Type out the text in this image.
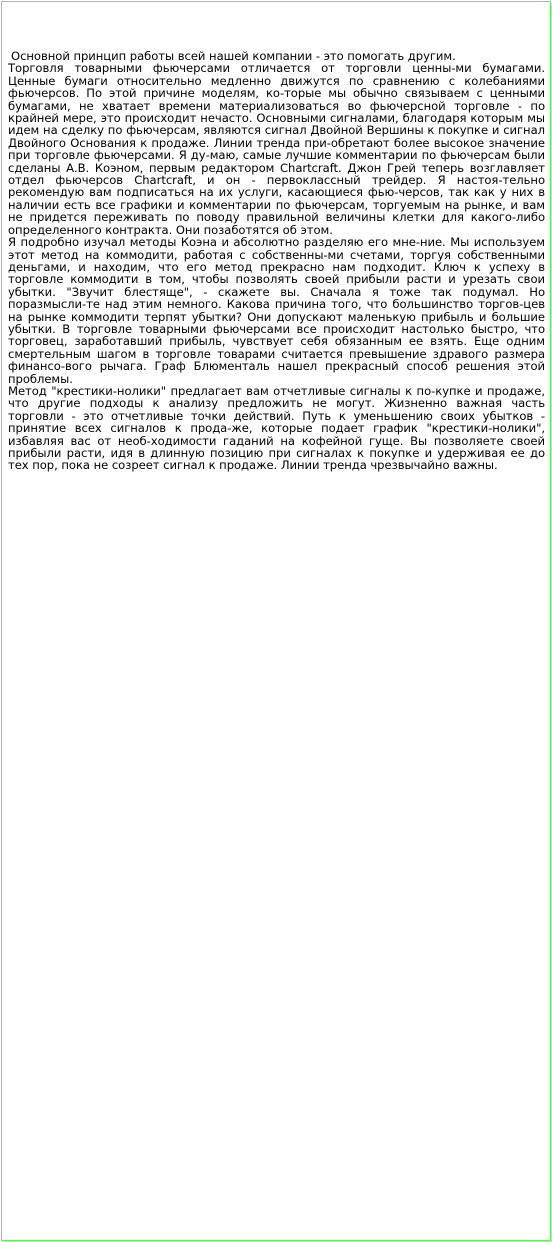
Основной принцип работы всей нашей компании - это помогать другим.

Торговля товарными фьючерсами отличается от торговли ценны-ми бумагами. Ценные бумаги относительно медленно движутся по сравнению с колебаниями фьючерсов. По этой причине моделям, ко-торые мы обычно связываем с ценными бумагами, не хватает времени материализоваться во фьючерсной торговле - по крайней мере, это происходит нечасто. Основными сигналами, благодаря которым мы идем на сделку по фьючерсам, являются сигнал Двойной Вершины к покупке и сигнал Двойного Основания к продаже. Линии тренда при-обретают более высокое значение при торговле фьючерсами. Я ду-маю, самые лучшие комментарии по фьючерсам были сделаны А.В. Коэном, первым редактором Chartcraft. Джон Грей теперь возглавляет отдел фьючерсов Chartcraft, и он - первоклассный трейдер. Я настоя-тельно рекомендую вам подписаться на их услуги, касающиеся фью-черсов, так как у них в наличии есть все графики и комментарии по фьючерсам, торгуемым на рынке, и вам не придется переживать по поводу правильной величины клетки для какого-либо определенного контракта. Они позаботятся об этом.

Я подробно изучал методы Коэна и абсолютно разделяю его мне-ние. Мы используем этот метод на коммодити, работая с собственны-ми счетами, торгуя собственными деньгами, и находим, что его метод прекрасно нам подходит. Ключ к успеху в торговле коммодити в том, чтобы позволять своей прибыли расти и урезать свои убытки. "Звучит блестяще", - скажете вы. Сначала я тоже так подумал. Но поразмысли-те над этим немного. Какова причина того, что большинство торгов-цев на рынке коммодити терпят убытки? Они допускают маленькую прибыль и большие убытки. В торговле товарными фьючерсами все происходит настолько быстро, что торговец, заработавший прибыль, чувствует себя обязанным ее взять. Еще одним смертельным шагом в торговле товарами считается превышение здравого размера финансо-вого рычага. Граф Блюменталь нашел прекрасный способ решения этой проблемы.

Метод "крестики-нолики" предлагает вам отчетливые сигналы к по-купке и продаже, что другие подходы к анализу предложить не могут. Жизненно важная часть торговли - это отчетливые точки действий. Путь к уменьшению своих убытков - принятие всех сигналов к прода-же, которые подает график "крестики-нолики", избавляя вас от необ-ходимости гаданий на кофейной гуще. Вы позволяете своей прибыли расти, идя в длинную позицию при сигналах к покупке и удерживая ее до тех пор, пока не созреет сигнал к продаже. Линии тренда чрезвычайно важны.
